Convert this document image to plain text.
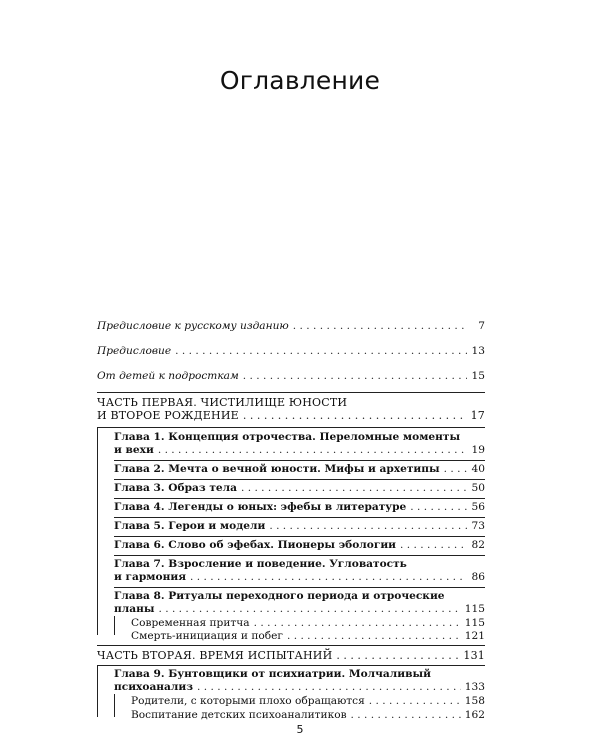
Оглавление
Предисловие к русскому изданию . . .	7
Предисловие . . .	13
От детей к подросткам . . .	15
ЧАСТЬ ПЕРВАЯ. ЧИСТИЛИЩЕ ЮНОСТИ
И ВТОРОЕ РОЖДЕНИЕ . . .	17
Глава 1. Концепция отрочества. Переломные моменты
и вехи . . .	19
Глава 2. Мечта о вечной юности. Мифы и архетипы . . .	40
Глава 3. Образ тела . . .	50
Глава 4. Легенды о юных: эфебы в литературе . . .	56
Глава 5. Герои и модели . . .	73
Глава 6. Слово об эфебах. Пионеры эбологии . . .	82
Глава 7. Взросление и поведение. Угловатость
и гармония . . .	86
Глава 8. Ритуалы переходного периода и отроческие
планы . . .	115
Современная притча . . .	115
Смерть-инициация и побег . . .	121
ЧАСТЬ ВТОРАЯ. ВРЕМЯ ИСПЫТАНИЙ . . .	131
Глава 9. Бунтовщики от психиатрии. Молчаливый
психоанализ . . .	133
Родители, с которыми плохо обращаются . . .	158
Воспитание детских психоаналитиков . . .	162
5
